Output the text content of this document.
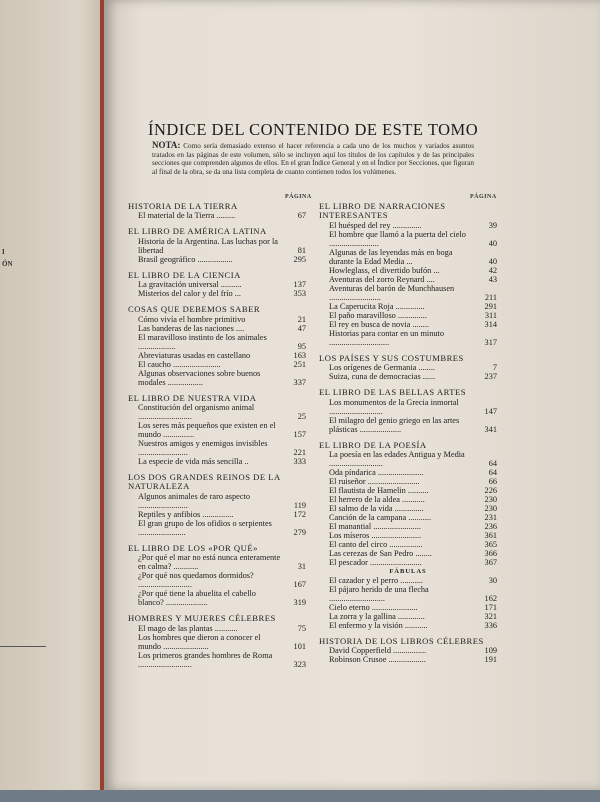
I
ÓN
ÍNDICE DEL CONTENIDO DE ESTE TOMO
NOTA: Como sería demasiado extenso el hacer referencia a cada uno de los muchos y variados asuntos tratados en las páginas de este volumen, sólo se incluyen aquí los títulos de los capítulos y de las principales secciones que comprenden algunos de ellos. En el gran Índice General y en el Índice por Secciones, que figuran al final de la obra, se da una lista completa de cuanto contienen todos los volúmenes.
PÁGINA	PÁGINA
HISTORIA DE LA TIERRA
El material de la Tierra .........	67
EL LIBRO DE AMÉRICA LATINA
Historia de la Argentina. Las luchas por la libertad	81
Brasil geográfico .................	295
EL LIBRO DE LA CIENCIA
La gravitación universal ..........	137
Misterios del calor y del frío ...	353
COSAS QUE DEBEMOS SABER
Cómo vivía el hombre primitivo	21
Las banderas de las naciones ....	47
El maravilloso instinto de los animales ..................	95
Abreviaturas usadas en castellano	163
El caucho .......................	251
Algunas observaciones sobre buenos modales .................	337
EL LIBRO DE NUESTRA VIDA
Constitución del organismo animal ..........................	25
Los seres más pequeños que existen en el mundo ...............	157
Nuestros amigos y enemigos invisibles ........................	221
La especie de vida más sencilla ..	333
LOS DOS GRANDES REINOS DE LA NATURALEZA
Algunos animales de raro aspecto ........................	119
Reptiles y anfibios ...............	172
El gran grupo de los ofidios o serpientes .......................	279
EL LIBRO DE LOS «POR QUÉ»
¿Por qué el mar no está nunca enteramente en calma? ............	31
¿Por qué nos quedamos dormidos? ..........................	167
¿Por qué tiene la abuelita el cabello blanco? ....................	319
HOMBRES Y MUJERES CÉLEBRES
El mago de las plantas ...........	75
Los hombres que dieron a conocer el mundo ......................	101
Los primeros grandes hombres de Roma ..........................	323
EL LIBRO DE NARRACIONES INTERESANTES
El huésped del rey ..............	39
El hombre que llamó a la puerta del cielo ........................	40
Algunas de las leyendas más en boga durante la Edad Media ...	40
Howleglass, el divertido bufón ...	42
Aventuras del zorro Reynard ....	43
Aventuras del barón de Munchhausen .........................	211
La Caperucita Roja ..............	291
El paño maravilloso ..............	311
El rey en busca de novia ........	314
Historias para contar en un minuto .............................	317
LOS PAÍSES Y SUS COSTUMBRES
Los orígenes de Germania ........	7
Suiza, cuna de democracias ......	237
EL LIBRO DE LAS BELLAS ARTES
Los monumentos de la Grecia inmortal ..........................	147
El milagro del genio griego en las artes plásticas ....................	341
EL LIBRO DE LA POESÍA
La poesía en las edades Antigua y Media ..........................	64
Oda píndarica ......................	64
El ruiseñor .........................	66
El flautista de Hamelin ..........	226
El herrero de la aldea ...........	230
El salmo de la vida ..............	230
Canción de la campana ...........	231
El manantial .......................	236
Los míseros ........................	361
El canto del circo ................	365
Las cerezas de San Pedro ........	366
El pescador .........................	367
FÁBULAS
El cazador y el perro ...........	30
El pájaro herido de una flecha ...........................	162
Cielo eterno ......................	171
La zorra y la gallina .............	321
El enfermo y la visión ...........	336
HISTORIA DE LOS LIBROS CÉLEBRES
David Copperfield ................	109
Robinson Crusoe ..................	191
